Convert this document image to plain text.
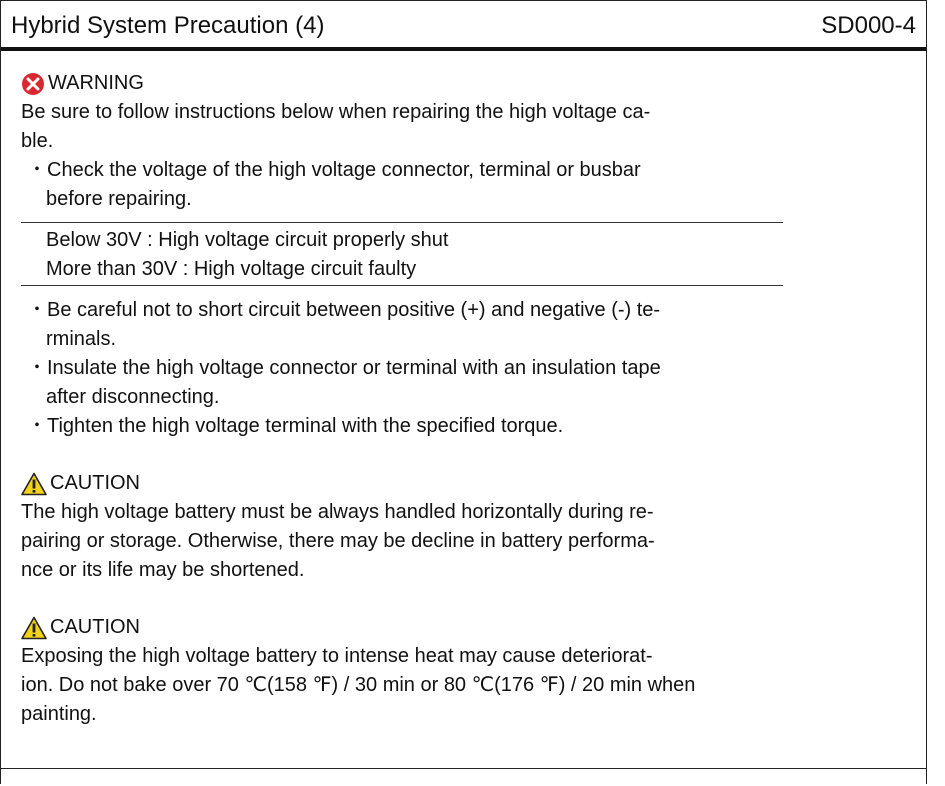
Hybrid System Precaution (4)	SD000-4
WARNING
Be sure to follow instructions below when repairing the high voltage ca-
ble.
・Check the voltage of the high voltage connector, terminal or busbar
before repairing.
Below 30V : High voltage circuit properly shut
More than 30V : High voltage circuit faulty
・Be careful not to short circuit between positive (+) and negative (-) te-
rminals.
・Insulate the high voltage connector or terminal with an insulation tape
after disconnecting.
・Tighten the high voltage terminal with the specified torque.
CAUTION
The high voltage battery must be always handled horizontally during re-
pairing or storage. Otherwise, there may be decline in battery performa-
nce or its life may be shortened.
CAUTION
Exposing the high voltage battery to intense heat may cause deteriorat-
ion. Do not bake over 70 ℃(158 ℉) / 30 min or 80 ℃(176 ℉) / 20 min when
painting.
